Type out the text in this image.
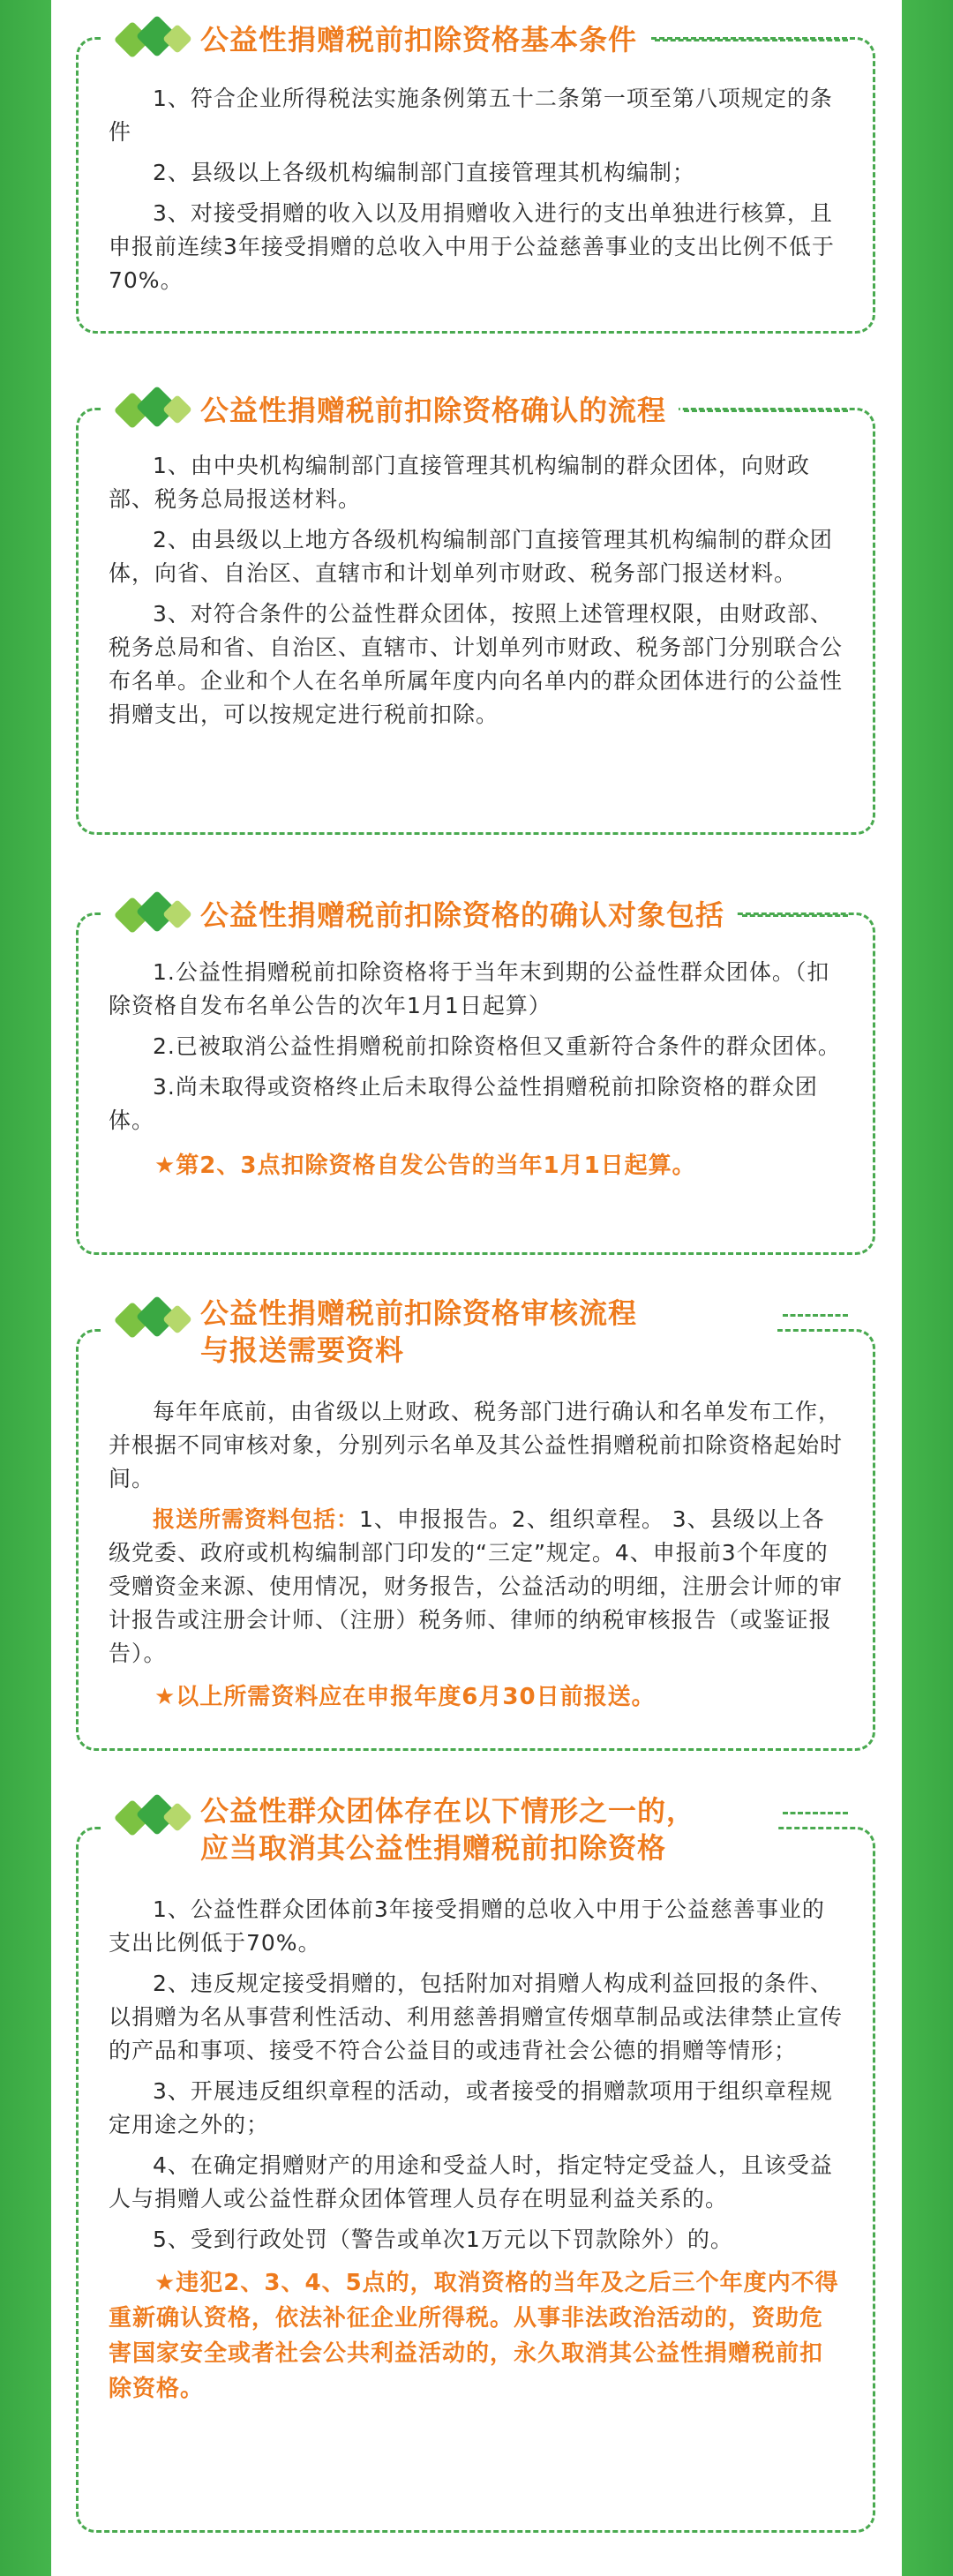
公益性捐赠税前扣除资格基本条件

1、符合企业所得税法实施条例第五十二条第一项至第八项规定的条件

2、县级以上各级机构编制部门直接管理其机构编制；

3、对接受捐赠的收入以及用捐赠收入进行的支出单独进行核算，且申报前连续3年接受捐赠的总收入中用于公益慈善事业的支出比例不低于70%。

公益性捐赠税前扣除资格确认的流程

1、由中央机构编制部门直接管理其机构编制的群众团体，向财政部、税务总局报送材料。

2、由县级以上地方各级机构编制部门直接管理其机构编制的群众团体，向省、自治区、直辖市和计划单列市财政、税务部门报送材料。

3、对符合条件的公益性群众团体，按照上述管理权限，由财政部、税务总局和省、自治区、直辖市、计划单列市财政、税务部门分别联合公布名单。企业和个人在名单所属年度内向名单内的群众团体进行的公益性捐赠支出，可以按规定进行税前扣除。

公益性捐赠税前扣除资格的确认对象包括

1.公益性捐赠税前扣除资格将于当年末到期的公益性群众团体。（扣除资格自发布名单公告的次年1月1日起算）

2.已被取消公益性捐赠税前扣除资格但又重新符合条件的群众团体。

3.尚未取得或资格终止后未取得公益性捐赠税前扣除资格的群众团体。

★第2、3点扣除资格自发公告的当年1月1日起算。

公益性捐赠税前扣除资格审核流程
与报送需要资料

每年年底前，由省级以上财政、税务部门进行确认和名单发布工作，并根据不同审核对象，分别列示名单及其公益性捐赠税前扣除资格起始时间。

报送所需资料包括：1、申报报告。2、组织章程。 3、县级以上各级党委、政府或机构编制部门印发的“三定”规定。4、申报前3个年度的受赠资金来源、使用情况，财务报告，公益活动的明细，注册会计师的审计报告或注册会计师、（注册）税务师、律师的纳税审核报告（或鉴证报告）。

★以上所需资料应在申报年度6月30日前报送。

公益性群众团体存在以下情形之一的，
应当取消其公益性捐赠税前扣除资格

1、公益性群众团体前3年接受捐赠的总收入中用于公益慈善事业的支出比例低于70%。

2、违反规定接受捐赠的，包括附加对捐赠人构成利益回报的条件、以捐赠为名从事营利性活动、利用慈善捐赠宣传烟草制品或法律禁止宣传的产品和事项、接受不符合公益目的或违背社会公德的捐赠等情形；

3、开展违反组织章程的活动，或者接受的捐赠款项用于组织章程规定用途之外的；

4、在确定捐赠财产的用途和受益人时，指定特定受益人，且该受益人与捐赠人或公益性群众团体管理人员存在明显利益关系的。

5、受到行政处罚（警告或单次1万元以下罚款除外）的。

★违犯2、3、4、5点的，取消资格的当年及之后三个年度内不得重新确认资格，依法补征企业所得税。从事非法政治活动的，资助危害国家安全或者社会公共利益活动的，永久取消其公益性捐赠税前扣除资格。
